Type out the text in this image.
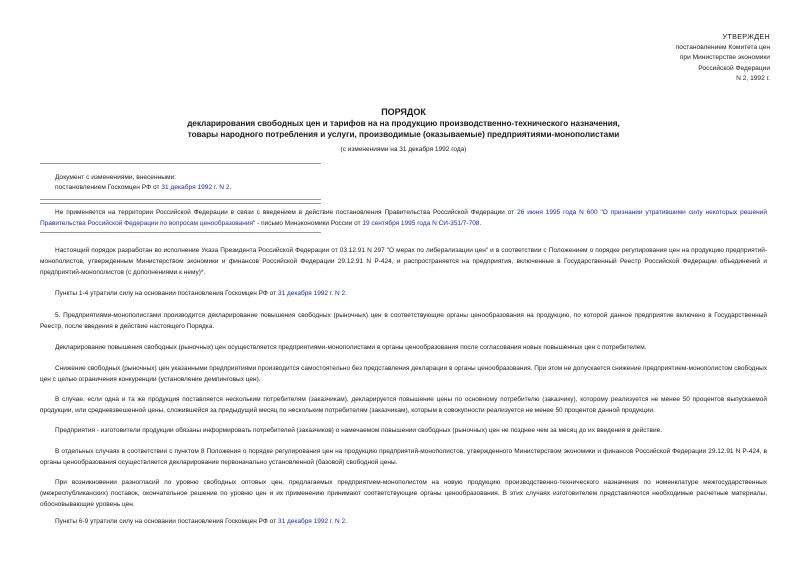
УТВЕРЖДЕН
постановлением Комитета цен
при Министерстве экономики
Российской Федерации
N 2, 1992 г.
ПОРЯДОК
декларирования свободных цен и тарифов на на продукцию производственно-технического назначения,
товары народного потребления и услуги, производимые (оказываемые) предприятиями-монополистами
(с изменениями на 31 декабря 1992 года)
Документ с изменениями, внесенными:
постановлением Госкомцен РФ от 31 декабря 1992 г. N 2.
Не применяется на территории Российской Федерации в связи с введением в действие постановления Правительства Российской Федерации от 26 июня 1995 года N 600 "О признании утратившими силу некоторых решений Правительства Российской Федерации по вопросам ценообразования" - письмо Минэкономики России от 19 сентября 1995 года N СИ-351/7-708.
Настоящий порядок разработан во исполнение Указа Президента Российской Федерации от 03.12.91 N 297 "О мерах по либерализации цен" и в соответствии с Положением о порядке регулирования цен на продукцию предприятий-монополистов, утвержденным Министерством экономики и финансов Российской Федерации 29.12.91 N Р-424, и распространяется на предприятия, включенные в Государственный Реестр Российской Федерации объединений и предприятий-монополистов (с дополнениями к нему)*.
Пункты 1-4 утратили силу на основании постановления Госкомцен РФ от 31 декабря 1992 г. N 2.
5. Предприятиями-монополистами производится декларирование повышения свободных (рыночных) цен в соответствующие органы ценообразования на продукцию, по которой данное предприятие включено в Государственный Реестр, после введения в действие настоящего Порядка.
Декларирование повышения свободных (рыночных) цен осуществляется предприятиями-монополистами в органы ценообразования после согласования новых повышенных цен с потребителем.
Снижение свободных (рыночных) цен указанными предприятиями производится самостоятельно без представления декларации в органы ценообразования. При этом не допускается снижение предприятием-монополистом свободных цен с целью ограничения конкуренции (установление демпинговых цен).
В случае, если одна и та же продукция поставляется нескольким потребителям (заказчикам), декларируется повышение цены по основному потребителю (заказчику), которому реализуется не менее 50 процентов выпускаемой продукции, или средневзвешенной цены, сложившейся за предыдущий месяц по нескольким потребителям (заказчикам), которым в совокупности реализуется не менее 50 процентов данной продукции.
Предприятия - изготовители продукции обязаны информировать потребителей (заказчиков) о намечаемом повышении свободных (рыночных) цен не позднее чем за месяц до их введения в действие.
В отдельных случаях в соответствии с пунктом 8 Положения о порядке регулирования цен на продукцию предприятий-монополистов, утвержденного Министерством экономики и финансов Российской Федерации 29.12.91 N Р-424, в органы ценообразования осуществляется декларирование первоначально установленной (базовой) свободной цены.
При возникновении разногласий по уровню свободных оптовых цен, предлагаемых предприятием-монополистом на новую продукцию производственно-технического назначения по номенклатуре межгосударственных (межреспубликанских) поставок, окончательное решение по уровню цен и их применению принимают соответствующие органы ценообразования. В этих случаях изготовителем представляются необходимые расчетные материалы, обосновывающие уровень цен.
Пункты 6-9 утратили силу на основании постановления Госкомцен РФ от 31 декабря 1992 г. N 2.
